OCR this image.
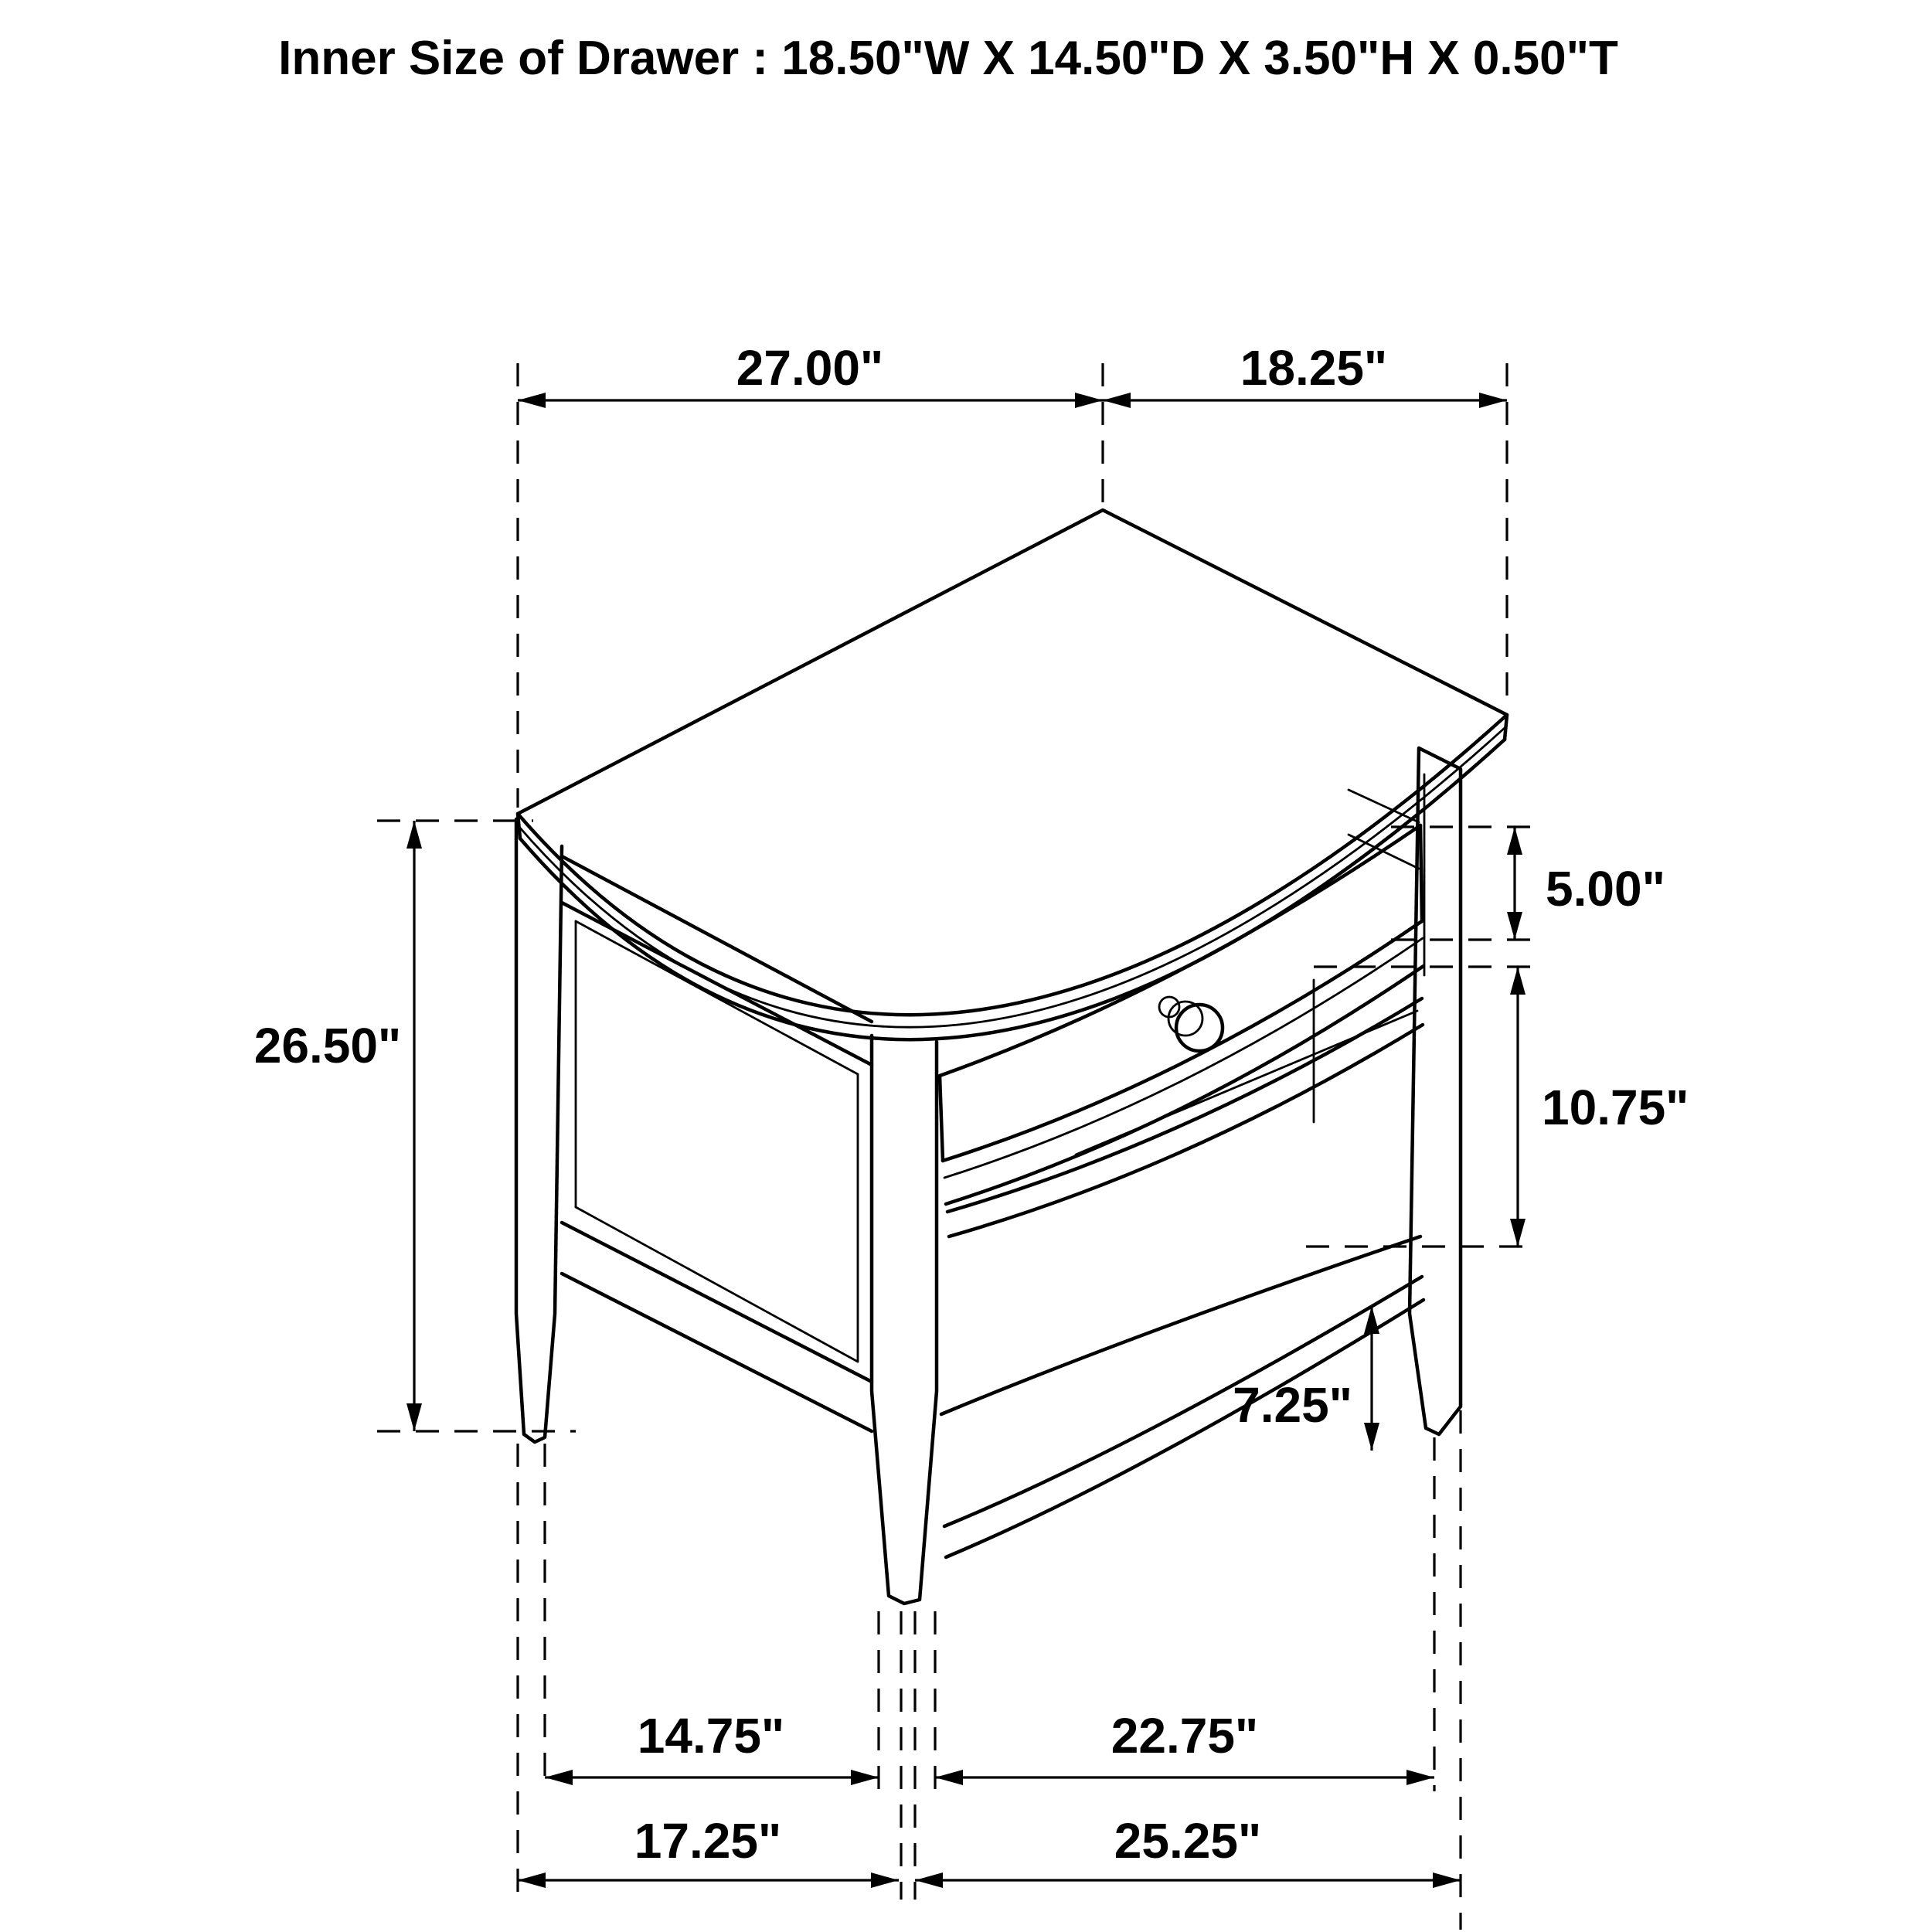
Inner Size of Drawer : 18.50"W X 14.50"D X 3.50"H X 0.50"T
27.00"	18.25"
26.50"
5.00"
10.75"
7.25"
14.75"	22.75"
17.25"	25.25"
